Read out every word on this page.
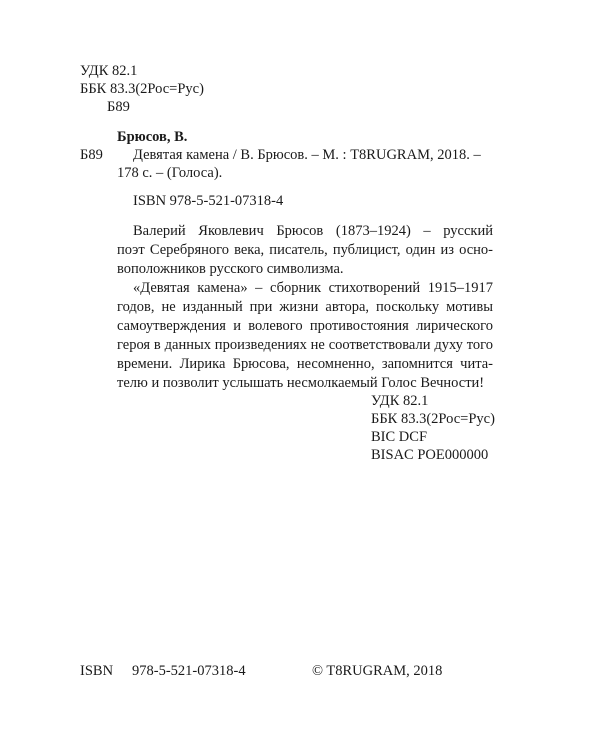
УДК 82.1
ББК 83.3(2Рос=Рус)
Б89
Брюсов, В.
Б89 Девятая камена / В. Брюсов. – М. : T8RUGRAM, 2018. –
178 с. – (Голоса).
ISBN 978-5-521-07318-4
Валерий Яковлевич Брюсов (1873–1924) – русский
поэт Серебряного века, писатель, публицист, один из осно-
воположников русского символизма.
«Девятая камена» – сборник стихотворений 1915–1917
годов, не изданный при жизни автора, поскольку мотивы
самоутверждения и волевого противостояния лирического
героя в данных произведениях не соответствовали духу того
времени. Лирика Брюсова, несомненно, запомнится чита-
телю и позволит услышать несмолкаемый Голос Вечности!
УДК 82.1
ББК 83.3(2Рос=Рус)
BIC DCF
BISAC POE000000
ISBN 978-5-521-07318-4	© T8RUGRAM, 2018
